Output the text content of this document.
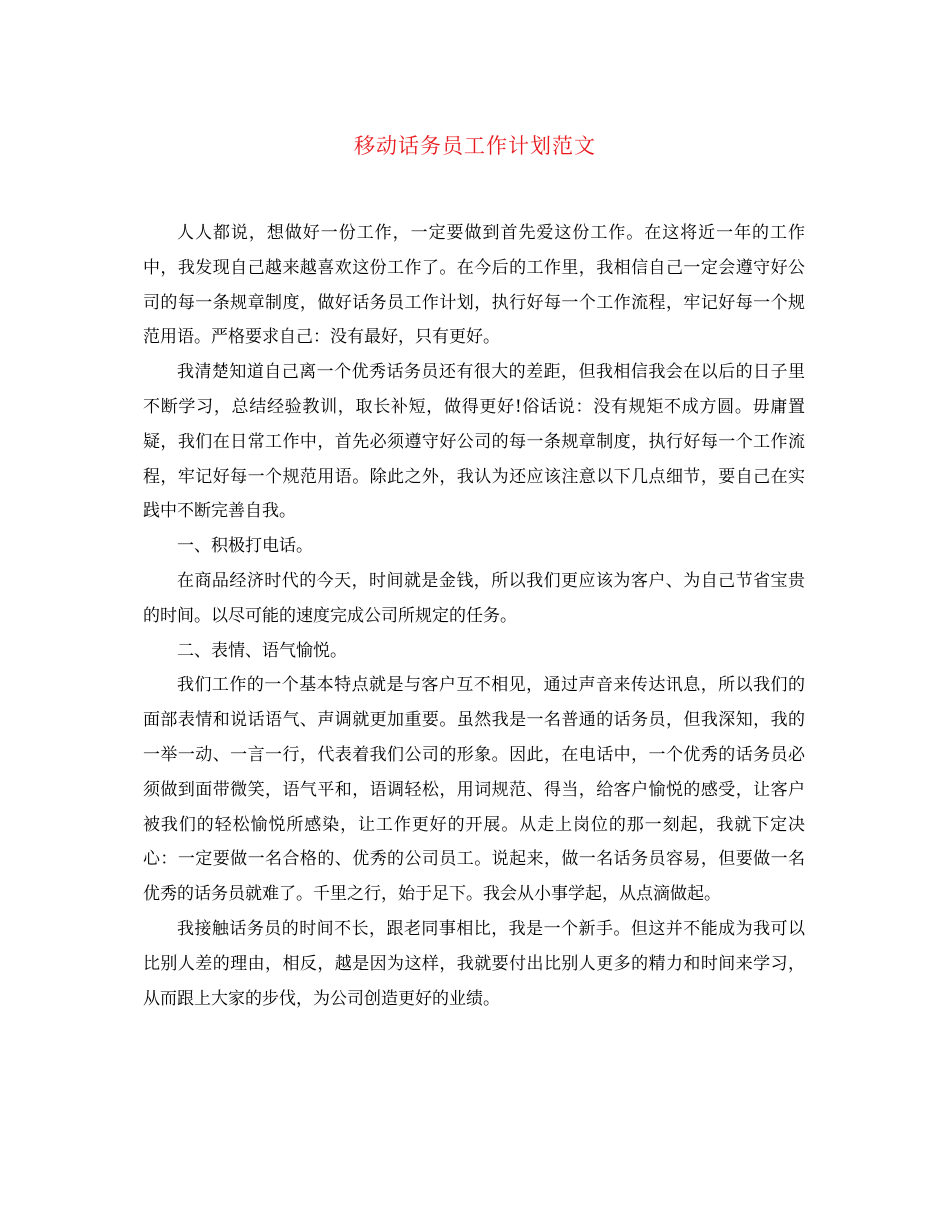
移动话务员工作计划范文

人人都说，想做好一份工作，一定要做到首先爱这份工作。在这将近一年的工作中，我发现自己越来越喜欢这份工作了。在今后的工作里，我相信自己一定会遵守好公司的每一条规章制度，做好话务员工作计划，执行好每一个工作流程，牢记好每一个规范用语。严格要求自己：没有最好，只有更好。

我清楚知道自己离一个优秀话务员还有很大的差距，但我相信我会在以后的日子里不断学习，总结经验教训，取长补短，做得更好!俗话说：没有规矩不成方圆。毋庸置疑，我们在日常工作中，首先必须遵守好公司的每一条规章制度，执行好每一个工作流程，牢记好每一个规范用语。除此之外，我认为还应该注意以下几点细节，要自己在实践中不断完善自我。

一、积极打电话。

在商品经济时代的今天，时间就是金钱，所以我们更应该为客户、为自己节省宝贵的时间。以尽可能的速度完成公司所规定的任务。

二、表情、语气愉悦。

我们工作的一个基本特点就是与客户互不相见，通过声音来传达讯息，所以我们的面部表情和说话语气、声调就更加重要。虽然我是一名普通的话务员，但我深知，我的一举一动、一言一行，代表着我们公司的形象。因此，在电话中，一个优秀的话务员必须做到面带微笑，语气平和，语调轻松，用词规范、得当，给客户愉悦的感受，让客户被我们的轻松愉悦所感染，让工作更好的开展。从走上岗位的那一刻起，我就下定决心：一定要做一名合格的、优秀的公司员工。说起来，做一名话务员容易，但要做一名优秀的话务员就难了。千里之行，始于足下。我会从小事学起，从点滴做起。

我接触话务员的时间不长，跟老同事相比，我是一个新手。但这并不能成为我可以比别人差的理由，相反，越是因为这样，我就要付出比别人更多的精力和时间来学习，从而跟上大家的步伐，为公司创造更好的业绩。
